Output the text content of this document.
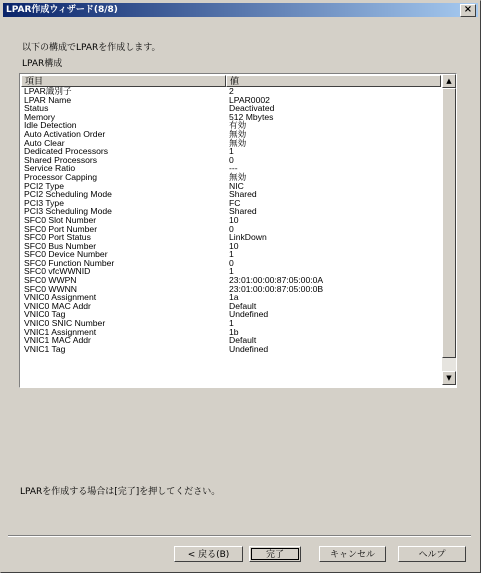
LPAR作成ウィザード(8/8)	×
以下の構成でLPARを作成します。
LPAR構成
項目	値
LPAR識別子	2
LPAR Name	LPAR0002
Status	Deactivated
Memory	512 Mbytes
Idle Detection	有効
Auto Activation Order	無効
Auto Clear	無効
Dedicated Processors	1
Shared Processors	0
Service Ratio	---
Processor Capping	無効
PCI2 Type	NIC
PCI2 Scheduling Mode	Shared
PCI3 Type	FC
PCI3 Scheduling Mode	Shared
SFC0 Slot Number	10
SFC0 Port Number	0
SFC0 Port Status	LinkDown
SFC0 Bus Number	10
SFC0 Device Number	1
SFC0 Function Number	0
SFC0 vfcWWNID	1
SFC0 WWPN	23:01:00:00:87:05:00:0A
SFC0 WWNN	23:01:00:00:87:05:00:0B
VNIC0 Assignment	1a
VNIC0 MAC Addr	Default
VNIC0 Tag	Undefined
VNIC0 SNIC Number	1
VNIC1 Assignment	1b
VNIC1 MAC Addr	Default
VNIC1 Tag	Undefined
▲
▼
LPARを作成する場合は[完了]を押してください。
< 戻る(B)	完了	キャンセル	ヘルプ
